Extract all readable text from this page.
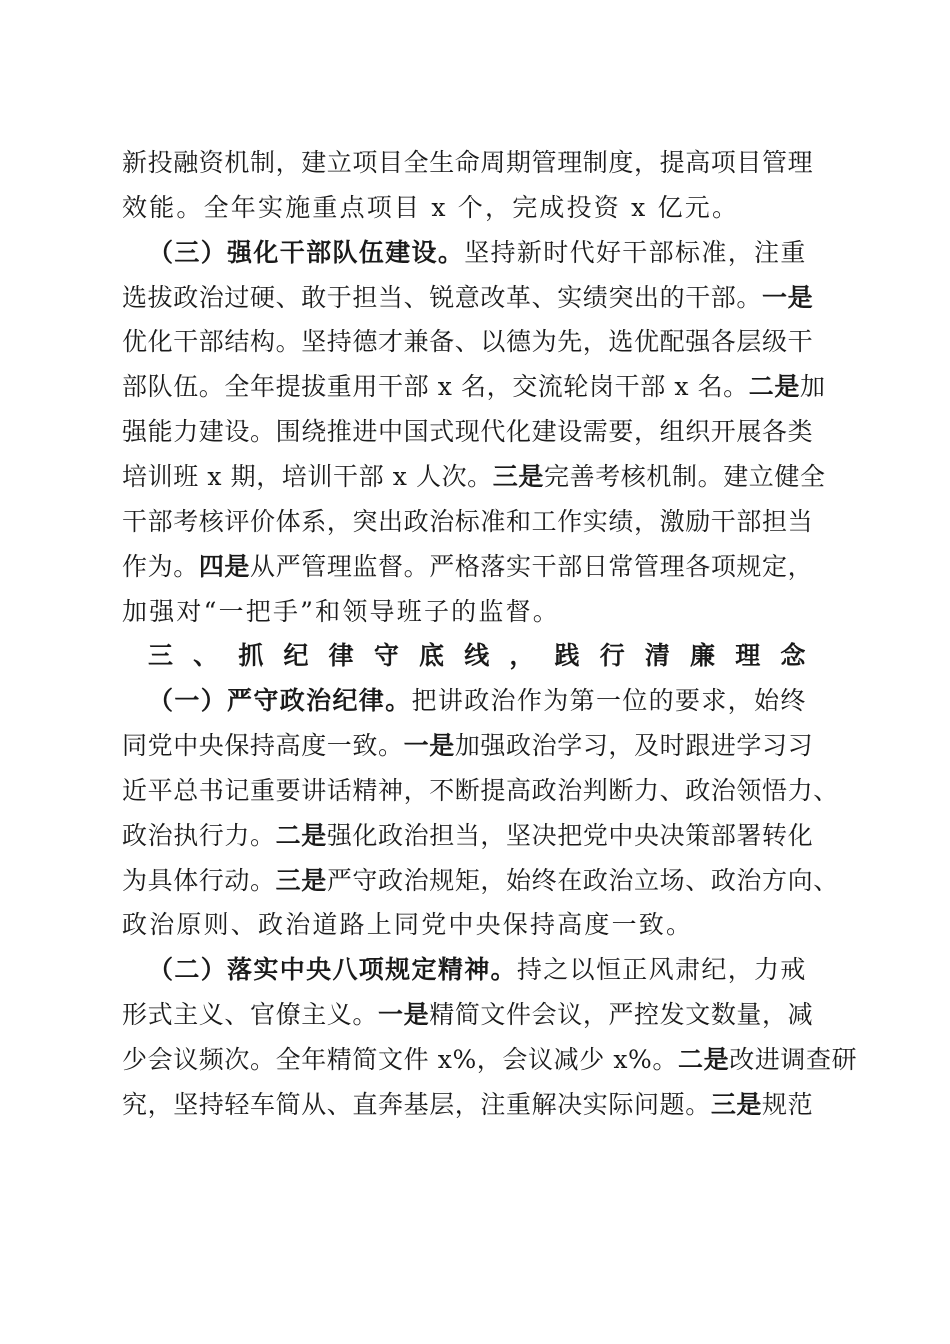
新投融资机制，建立项目全生命周期管理制度，提高项目管理
效能。全年实施重点项目 x 个，完成投资 x 亿元。
（三）强化干部队伍建设。坚持新时代好干部标准，注重
选拔政治过硬、敢于担当、锐意改革、实绩突出的干部。一是
优化干部结构。坚持德才兼备、以德为先，选优配强各层级干
部队伍。全年提拔重用干部 x 名，交流轮岗干部 x 名。二是加
强能力建设。围绕推进中国式现代化建设需要，组织开展各类
培训班 x 期，培训干部 x 人次。三是完善考核机制。建立健全
干部考核评价体系，突出政治标准和工作实绩，激励干部担当
作为。四是从严管理监督。严格落实干部日常管理各项规定，
加强对“一把手”和领导班子的监督。
三、抓纪律守底线，践行清廉理念
（一）严守政治纪律。把讲政治作为第一位的要求，始终
同党中央保持高度一致。一是加强政治学习，及时跟进学习习
近平总书记重要讲话精神，不断提高政治判断力、政治领悟力、
政治执行力。二是强化政治担当，坚决把党中央决策部署转化
为具体行动。三是严守政治规矩，始终在政治立场、政治方向、
政治原则、政治道路上同党中央保持高度一致。
（二）落实中央八项规定精神。持之以恒正风肃纪，力戒
形式主义、官僚主义。一是精简文件会议，严控发文数量，减
少会议频次。全年精简文件 x%，会议减少 x%。二是改进调查研
究，坚持轻车简从、直奔基层，注重解决实际问题。三是规范
